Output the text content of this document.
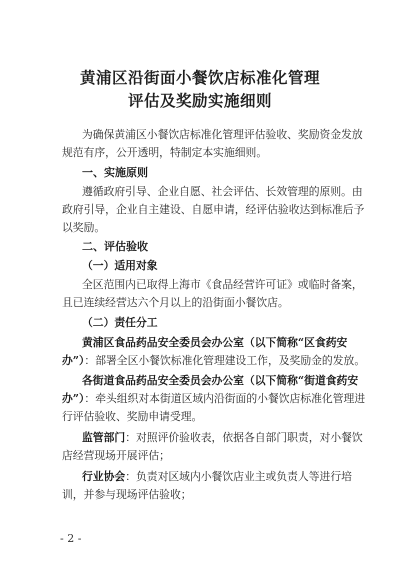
黄浦区沿街面小餐饮店标准化管理
评估及奖励实施细则
为确保黄浦区小餐饮店标准化管理评估验收、奖励资金发放
规范有序，公开透明，特制定本实施细则。
一、实施原则
遵循政府引导、企业自愿、社会评估、长效管理的原则。由
政府引导，企业自主建设、自愿申请，经评估验收达到标准后予
以奖励。
二、评估验收
（一）适用对象
全区范围内已取得上海市《食品经营许可证》或临时备案，
且已连续经营达六个月以上的沿街面小餐饮店。
（二）责任分工
黄浦区食品药品安全委员会办公室（以下简称“区食药安
办”）：部署全区小餐饮标准化管理建设工作，及奖励金的发放。
各街道食品药品安全委员会办公室（以下简称“街道食药安
办”）：牵头组织对本街道区域内沿街面的小餐饮店标准化管理进
行评估验收、奖励申请受理。
监管部门：对照评价验收表，依据各自部门职责，对小餐饮
店经营现场开展评估；
行业协会：负责对区域内小餐饮店业主或负责人等进行培
训，并参与现场评估验收；
- 2 -
